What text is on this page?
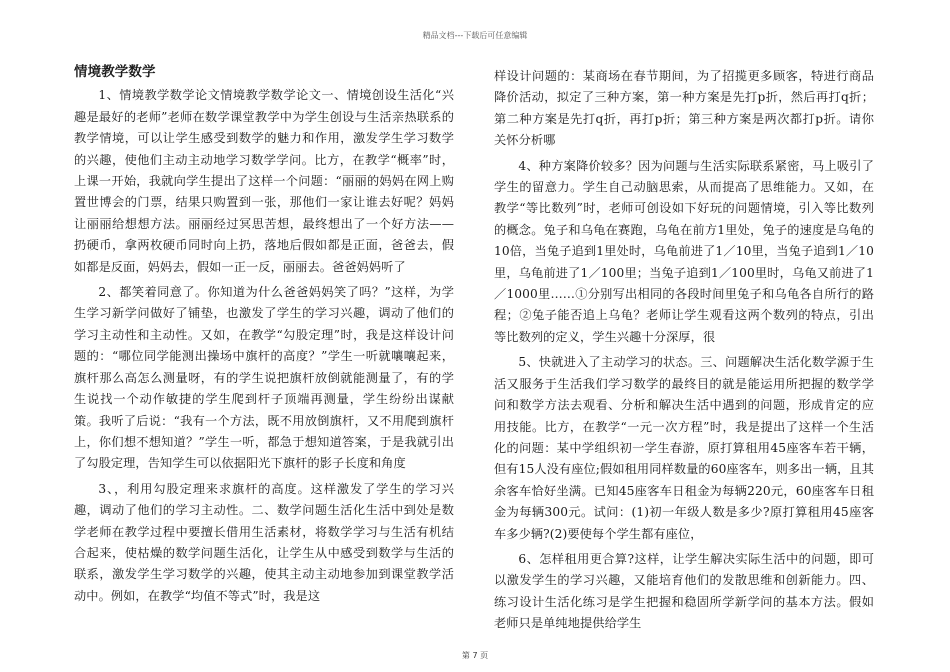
精品文档---下载后可任意编辑
情境教学数学

1、情境教学数学论文情境教学数学论文一、情境创设生活化“兴趣是最好的老师”老师在数学课堂教学中为学生创设与生活亲热联系的教学情境，可以让学生感受到数学的魅力和作用，激发学生学习数学的兴趣，使他们主动主动地学习数学学问。比方，在教学“概率”时，上课一开始，我就向学生提出了这样一个问题：“丽丽的妈妈在网上购置世博会的门票，结果只购置到一张，那他们一家让谁去好呢？妈妈让丽丽给想想方法。丽丽经过冥思苦想，最终想出了一个好方法——扔硬币，拿两枚硬币同时向上扔，落地后假如都是正面，爸爸去，假如都是反面，妈妈去，假如一正一反，丽丽去。爸爸妈妈听了

2、都笑着同意了。你知道为什么爸爸妈妈笑了吗？”这样，为学生学习新学问做好了铺垫，也激发了学生的学习兴趣，调动了他们的学习主动性和主动性。又如，在教学“勾股定理”时，我是这样设计问题的：“哪位同学能测出操场中旗杆的高度？”学生一听就嚷嚷起来，旗杆那么高怎么测量呀，有的学生说把旗杆放倒就能测量了，有的学生说找一个动作敏捷的学生爬到杆子顶端再测量，学生纷纷出谋献策。我听了后说：“我有一个方法，既不用放倒旗杆，又不用爬到旗杆上，你们想不想知道？”学生一听，都急于想知道答案，于是我就引出了勾股定理，告知学生可以依据阳光下旗杆的影子长度和角度

3、，利用勾股定理来求旗杆的高度。这样激发了学生的学习兴趣，调动了他们的学习主动性。二、数学问题生活化生活中到处是数学老师在教学过程中要擅长借用生活素材，将数学学习与生活有机结合起来，使枯燥的数学问题生活化，让学生从中感受到数学与生活的联系，激发学生学习数学的兴趣，使其主动主动地参加到课堂教学活动中。例如，在教学“均值不等式”时，我是这

样设计问题的：某商场在春节期间，为了招揽更多顾客，特进行商品降价活动，拟定了三种方案，第一种方案是先打p折，然后再打q折；第二种方案是先打q折，再打p折；第三种方案是两次都打p折。请你关怀分析哪

4、种方案降价较多？因为问题与生活实际联系紧密，马上吸引了学生的留意力。学生自己动脑思索，从而提高了思维能力。又如，在教学“等比数列”时，老师可创设如下好玩的问题情境，引入等比数列的概念。兔子和乌龟在赛跑，乌龟在前方1里处，兔子的速度是乌龟的10倍，当兔子追到1里处时，乌龟前进了1／10里，当兔子追到1／10里，乌龟前进了1／100里；当兔子追到1／100里时，乌龟又前进了1／1000里……①分别写出相同的各段时间里兔子和乌龟各自所行的路程；②兔子能否追上乌龟？老师让学生观看这两个数列的特点，引出等比数列的定义，学生兴趣十分深厚，很

5、快就进入了主动学习的状态。三、问题解决生活化数学源于生活又服务于生活我们学习数学的最终目的就是能运用所把握的数学学问和数学方法去观看、分析和解决生活中遇到的问题，形成肯定的应用技能。比方，在教学“一元一次方程”时，我是提出了这样一个生活化的问题：某中学组织初一学生春游，原打算租用45座客车若干辆，但有15人没有座位;假如租用同样数量的60座客车，则多出一辆，且其余客车恰好坐满。已知45座客车日租金为每辆220元，60座客车日租金为每辆300元。试问：(1)初一年级人数是多少?原打算租用45座客车多少辆?(2)要使每个学生都有座位，

6、怎样租用更合算?这样，让学生解决实际生活中的问题，即可以激发学生的学习兴趣，又能培育他们的发散思维和创新能力。四、练习设计生活化练习是学生把握和稳固所学新学问的基本方法。假如老师只是单纯地提供给学生

第 7 页
